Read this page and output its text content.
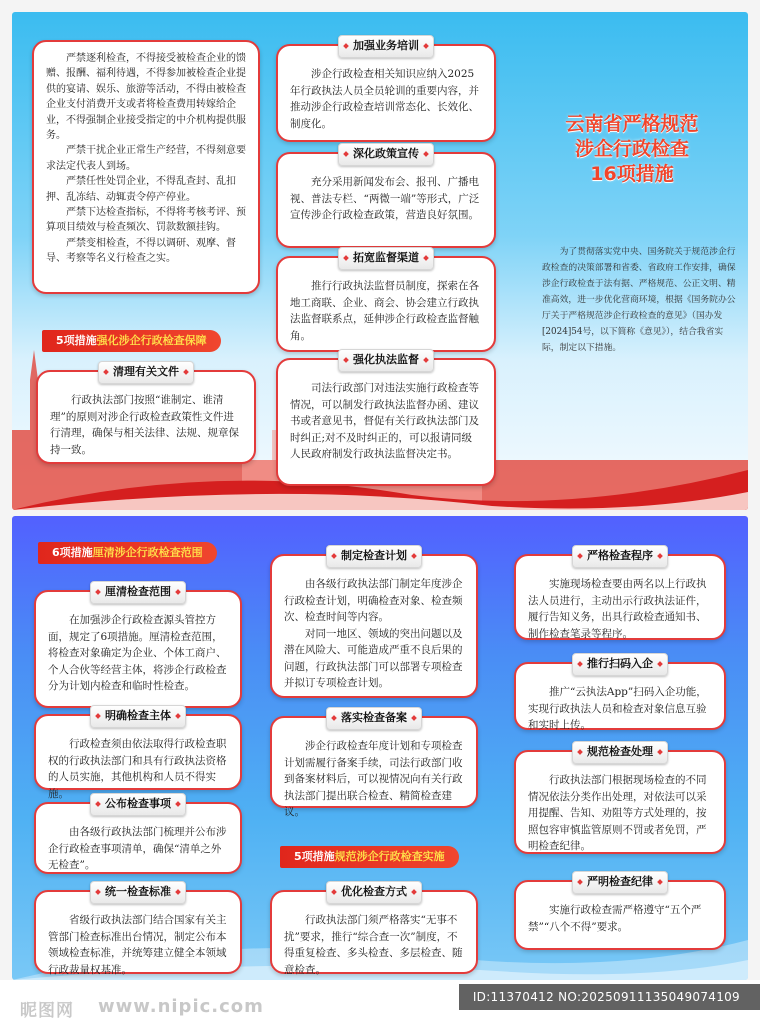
云南省严格规范
涉企行政检查
16项措施

为了贯彻落实党中央、国务院关于规范涉企行政检查的决策部署和省委、省政府工作安排，确保涉企行政检查于法有据、严格规范、公正文明、精准高效，进一步优化营商环境，根据《国务院办公厅关于严格规范涉企行政检查的意见》（国办发[2024]54号，以下简称《意见》），结合我省实际，制定以下措施。

严禁逐利检查，不得接受被检查企业的馈赠、报酬、福利待遇，不得参加被检查企业提供的宴请、娱乐、旅游等活动，不得由被检查企业支付消费开支或者将检查费用转嫁给企业，不得强制企业接受指定的中介机构提供服务。

严禁干扰企业正常生产经营，不得刻意要求法定代表人到场。

严禁任性处罚企业，不得乱查封、乱扣押、乱冻结、动辄责令停产停业。

严禁下达检查指标，不得将考核考评、预算项目绩效与检查频次、罚款数额挂钩。

严禁变相检查，不得以调研、观摩、督导、考察等名义行检查之实。

5项措施强化涉企行政检查保障
清理有关文件

行政执法部门按照“谁制定、谁清理”的原则对涉企行政检查政策性文件进行清理，确保与相关法律、法规、规章保持一致。

加强业务培训

涉企行政检查相关知识应纳入2025年行政执法人员全员轮训的重要内容，并推动涉企行政检查培训常态化、长效化、制度化。

深化政策宣传

充分采用新闻发布会、报刊、广播电视、普法专栏、“两微一端”等形式，广泛宣传涉企行政检查政策，营造良好氛围。

拓宽监督渠道

推行行政执法监督员制度，探索在各地工商联、企业、商会、协会建立行政执法监督联系点，延伸涉企行政检查监督触角。

强化执法监督

司法行政部门对违法实施行政检查等情况，可以制发行政执法监督办函、建议书或者意见书，督促有关行政执法部门及时纠正;对不及时纠正的，可以报请同级人民政府制发行政执法监督决定书。

6项措施厘清涉企行政检查范围
厘清检查范围

在加强涉企行政检查源头管控方面，规定了6项措施。厘清检查范围，将检查对象确定为企业、个体工商户、个人合伙等经营主体，将涉企行政检查分为计划内检查和临时性检查。

明确检查主体

行政检查须由依法取得行政检查职权的行政执法部门和具有行政执法资格的人员实施，其他机构和人员不得实施。

公布检查事项

由各级行政执法部门梳理并公布涉企行政检查事项清单，确保“清单之外无检查”。

统一检查标准

省级行政执法部门结合国家有关主管部门检查标准出台情况，制定公布本领域检查标准，并统筹建立健全本领域行政裁量权基准。

制定检查计划

由各级行政执法部门制定年度涉企行政检查计划，明确检查对象、检查频次、检查时间等内容。

对同一地区、领域的突出问题以及潜在风险大、可能造成严重不良后果的问题，行政执法部门可以部署专项检查并拟订专项检查计划。

落实检查备案

涉企行政检查年度计划和专项检查计划需履行备案手续，司法行政部门收到备案材料后，可以视情况向有关行政执法部门提出联合检查、精简检查建议。

5项措施规范涉企行政检查实施
优化检查方式

行政执法部门须严格落实“无事不扰”要求，推行“综合查一次”制度，不得重复检查、多头检查、多层检查、随意检查。

严格检查程序

实施现场检查要由两名以上行政执法人员进行，主动出示行政执法证件，履行告知义务，出具行政检查通知书、制作检查笔录等程序。

推行扫码入企

推广“云执法App”扫码入企功能，实现行政执法人员和检查对象信息互验和实时上传。

规范检查处理

行政执法部门根据现场检查的不同情况依法分类作出处理，对依法可以采用提醒、告知、劝阻等方式处理的，按照包容审慎监管原则不罚或者免罚，严明检查纪律。

严明检查纪律

实施行政检查需严格遵守“五个严禁”“八个不得”要求。

昵图网 www.nipic.com	ID:11370412 NO:20250911135049074109
